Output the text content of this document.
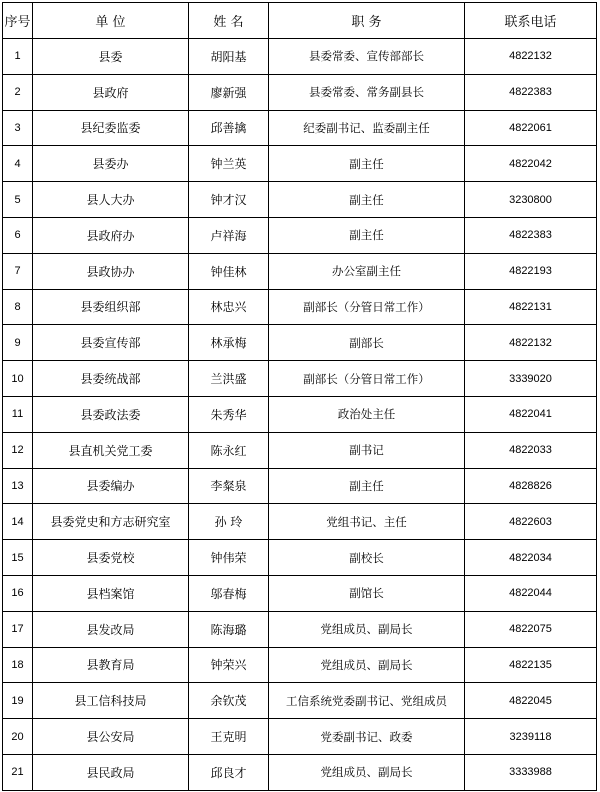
序号	单 位	姓 名	职 务	联系电话
1	县委	胡阳基	县委常委、宣传部部长	4822132
2	县政府	廖新强	县委常委、常务副县长	4822383
3	县纪委监委	邱善擒	纪委副书记、监委副主任	4822061
4	县委办	钟兰英	副主任	4822042
5	县人大办	钟才汉	副主任	3230800
6	县政府办	卢祥海	副主任	4822383
7	县政协办	钟佳林	办公室副主任	4822193
8	县委组织部	林忠兴	副部长（分管日常工作）	4822131
9	县委宣传部	林承梅	副部长	4822132
10	县委统战部	兰洪盛	副部长（分管日常工作）	3339020
11	县委政法委	朱秀华	政治处主任	4822041
12	县直机关党工委	陈永红	副书记	4822033
13	县委编办	李粲泉	副主任	4828826
14	县委党史和方志研究室	孙 玲	党组书记、主任	4822603
15	县委党校	钟伟荣	副校长	4822034
16	县档案馆	邬春梅	副馆长	4822044
17	县发改局	陈海璐	党组成员、副局长	4822075
18	县教育局	钟荣兴	党组成员、副局长	4822135
19	县工信科技局	余钦茂	工信系统党委副书记、党组成员	4822045
20	县公安局	王克明	党委副书记、政委	3239118
21	县民政局	邱良才	党组成员、副局长	3333988
